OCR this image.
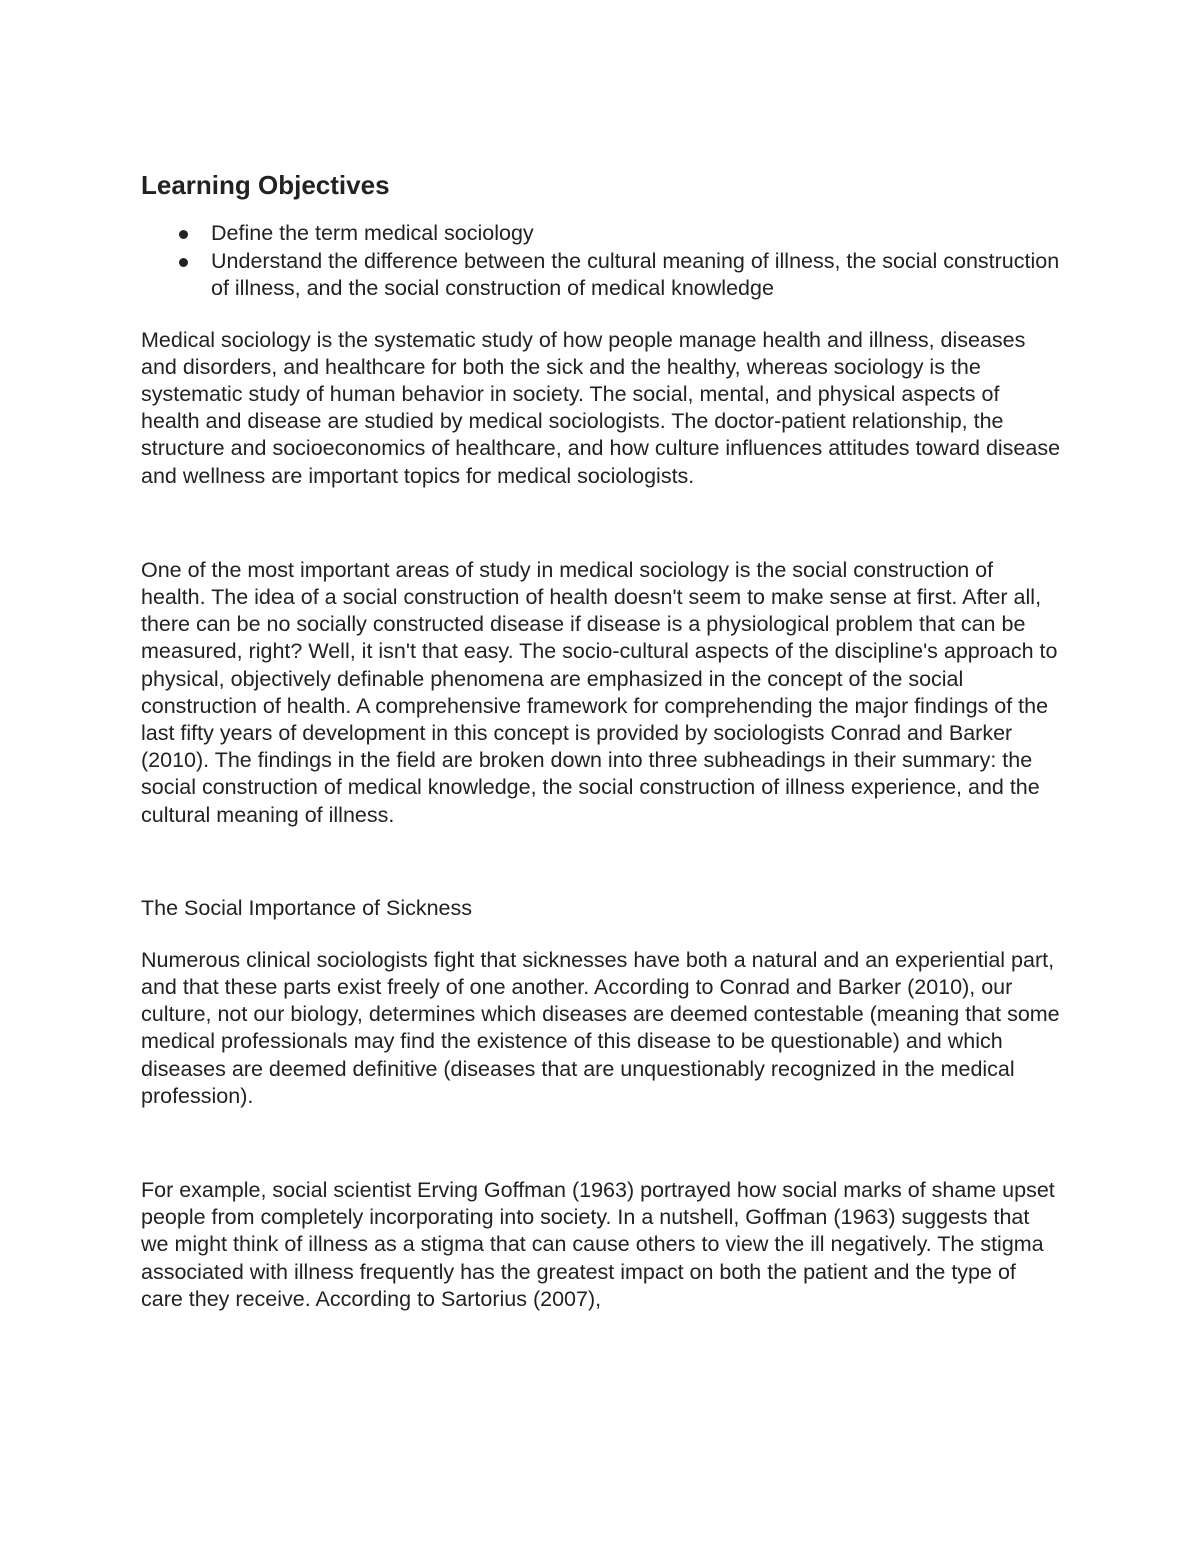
Learning Objectives
Define the term medical sociology
Understand the difference between the cultural meaning of illness, the social construction of illness, and the social construction of medical knowledge

Medical sociology is the systematic study of how people manage health and illness, diseases and disorders, and healthcare for both the sick and the healthy, whereas sociology is the systematic study of human behavior in society. The social, mental, and physical aspects of health and disease are studied by medical sociologists. The doctor-patient relationship, the structure and socioeconomics of healthcare, and how culture influences attitudes toward disease and wellness are important topics for medical sociologists.

One of the most important areas of study in medical sociology is the social construction of health. The idea of a social construction of health doesn't seem to make sense at first. After all, there can be no socially constructed disease if disease is a physiological problem that can be measured, right? Well, it isn't that easy. The socio-cultural aspects of the discipline's approach to physical, objectively definable phenomena are emphasized in the concept of the social construction of health. A comprehensive framework for comprehending the major findings of the last fifty years of development in this concept is provided by sociologists Conrad and Barker (2010). The findings in the field are broken down into three subheadings in their summary: the social construction of medical knowledge, the social construction of illness experience, and the cultural meaning of illness.

The Social Importance of Sickness

Numerous clinical sociologists fight that sicknesses have both a natural and an experiential part, and that these parts exist freely of one another. According to Conrad and Barker (2010), our culture, not our biology, determines which diseases are deemed contestable (meaning that some medical professionals may find the existence of this disease to be questionable) and which diseases are deemed definitive (diseases that are unquestionably recognized in the medical profession).

For example, social scientist Erving Goffman (1963) portrayed how social marks of shame upset people from completely incorporating into society. In a nutshell, Goffman (1963) suggests that we might think of illness as a stigma that can cause others to view the ill negatively. The stigma associated with illness frequently has the greatest impact on both the patient and the type of care they receive. According to Sartorius (2007),
